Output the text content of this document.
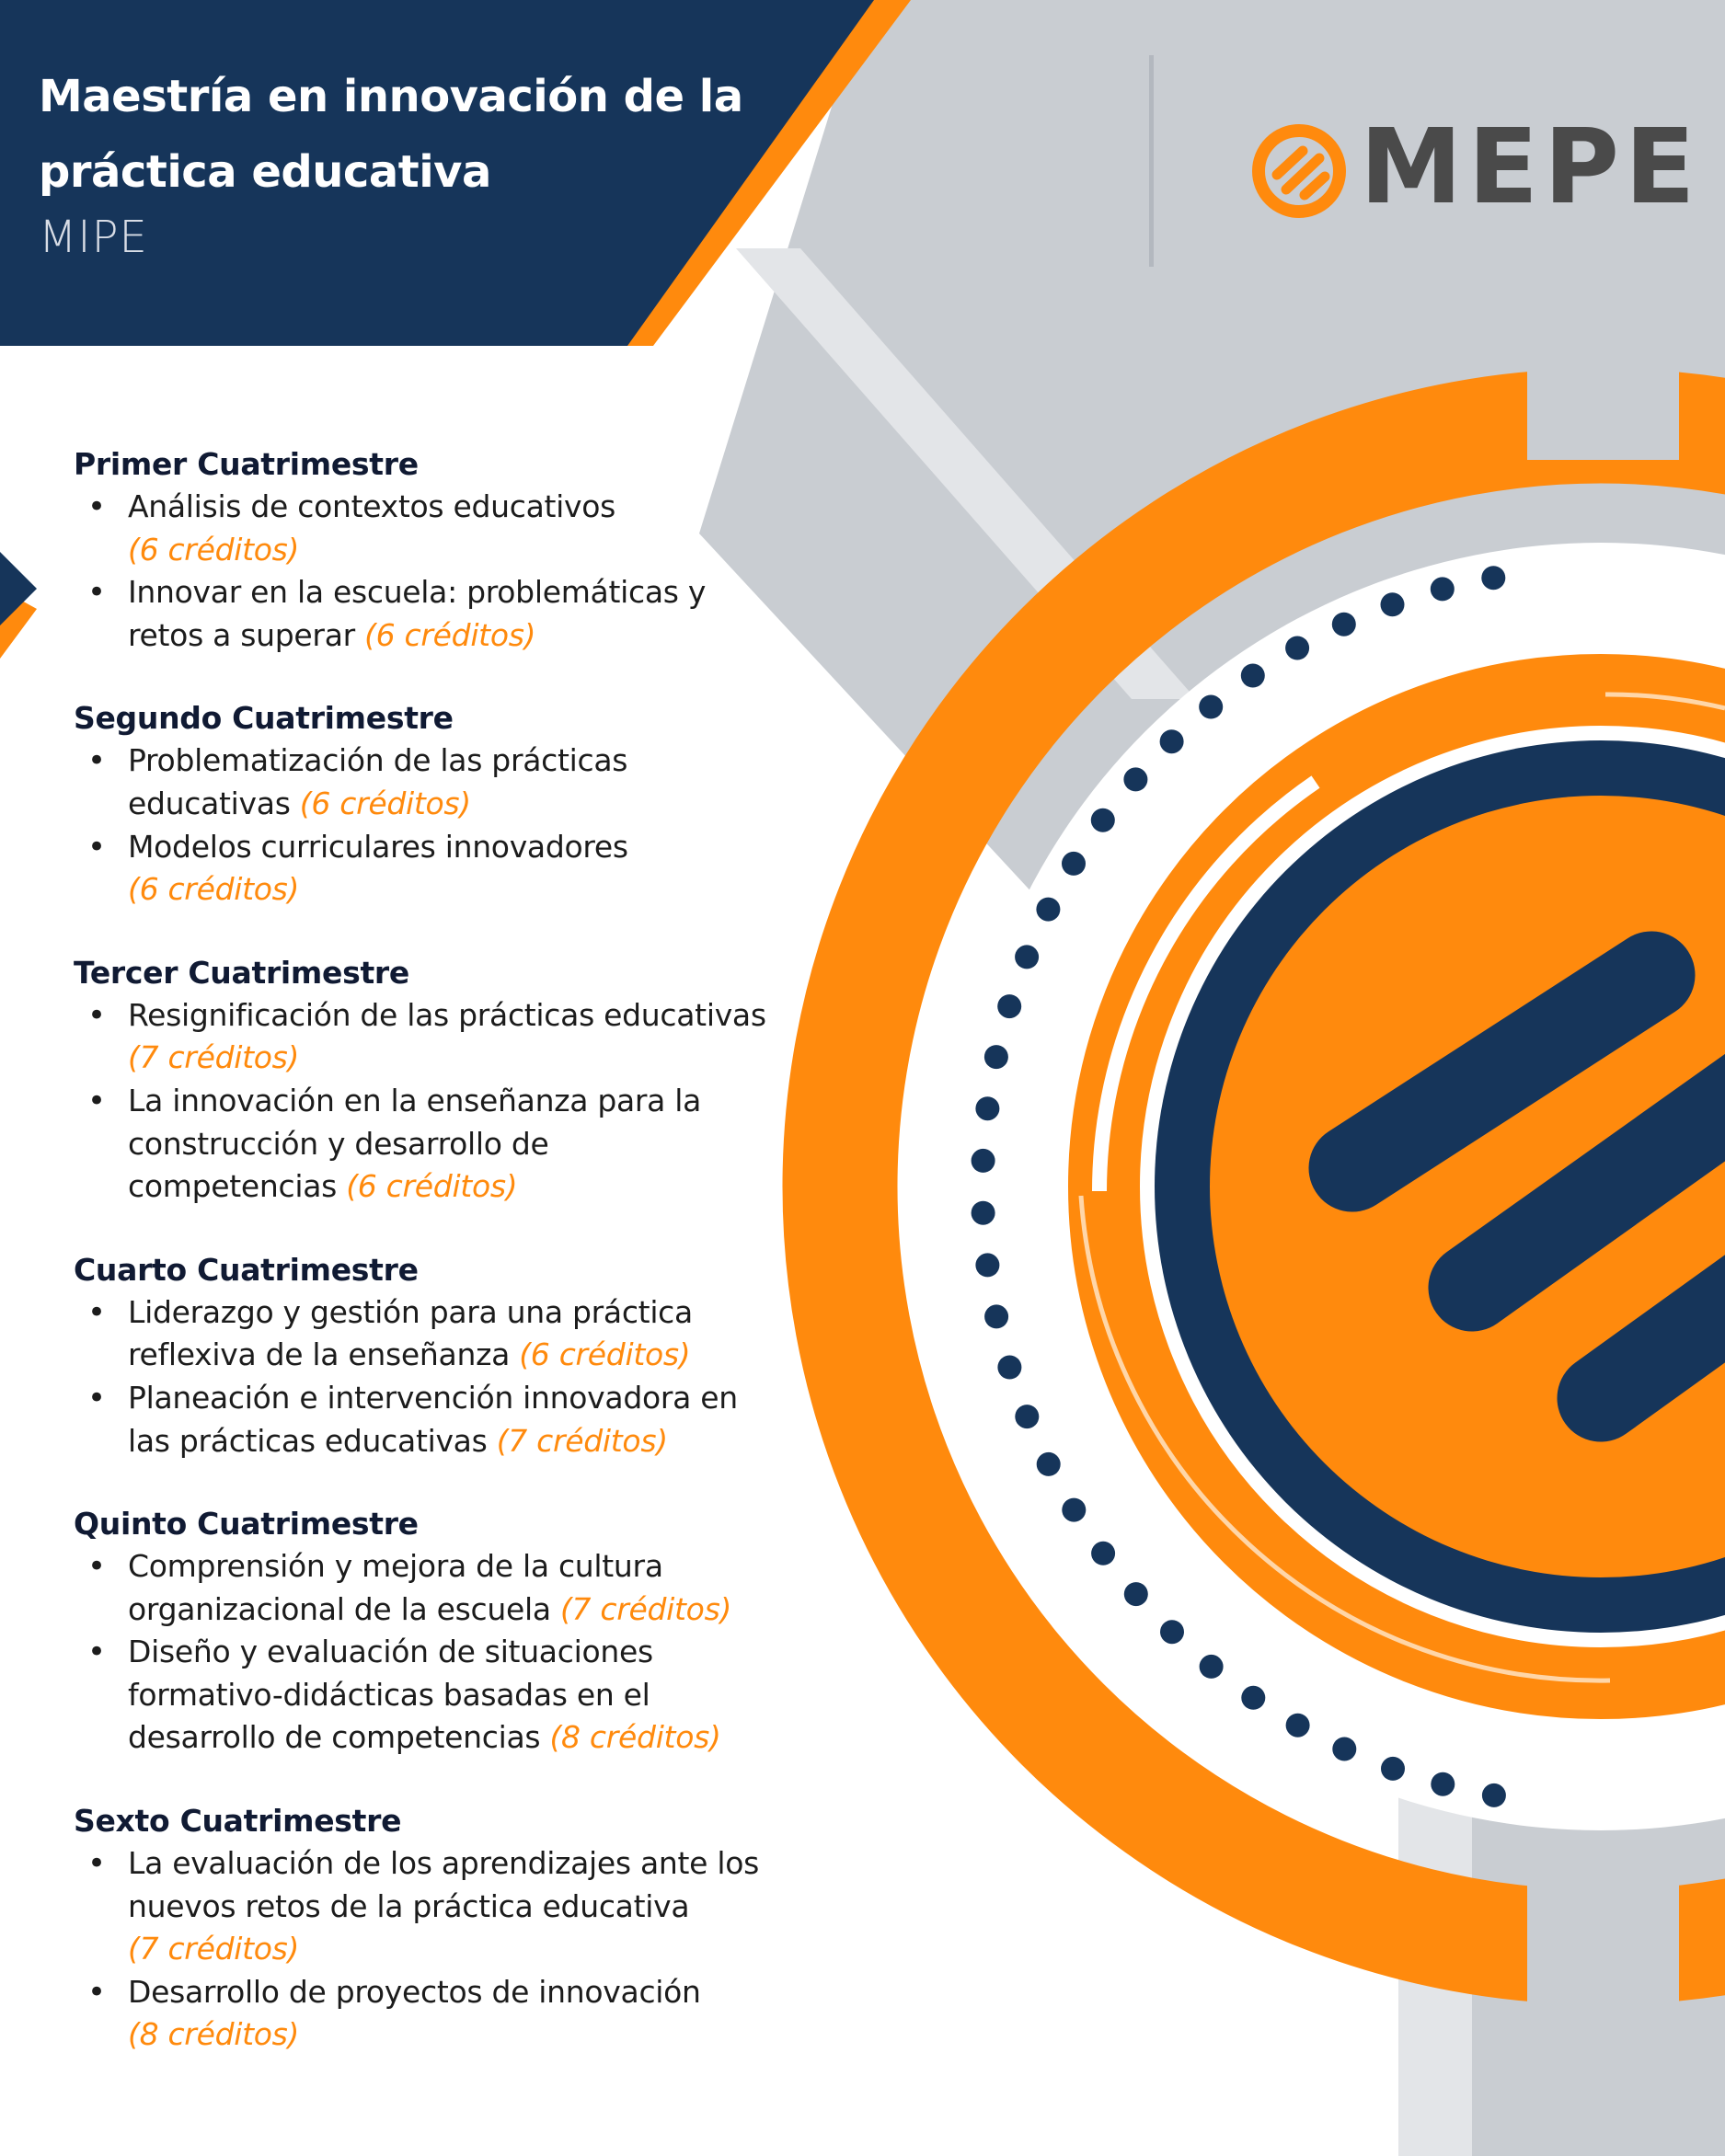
Maestría en innovación de la
práctica educativa
MIPE
MEPE
Primer Cuatrimestre
• Análisis de contextos educativos
(6 créditos)
• Innovar en la escuela: problemáticas y
retos a superar (6 créditos)
Segundo Cuatrimestre
• Problematización de las prácticas
educativas (6 créditos)
• Modelos curriculares innovadores
(6 créditos)
Tercer Cuatrimestre
• Resignificación de las prácticas educativas
(7 créditos)
• La innovación en la enseñanza para la
construcción y desarrollo de
competencias (6 créditos)
Cuarto Cuatrimestre
• Liderazgo y gestión para una práctica
reflexiva de la enseñanza (6 créditos)
• Planeación e intervención innovadora en
las prácticas educativas (7 créditos)
Quinto Cuatrimestre
• Comprensión y mejora de la cultura
organizacional de la escuela (7 créditos)
• Diseño y evaluación de situaciones
formativo-didácticas basadas en el
desarrollo de competencias (8 créditos)
Sexto Cuatrimestre
• La evaluación de los aprendizajes ante los
nuevos retos de la práctica educativa
(7 créditos)
• Desarrollo de proyectos de innovación
(8 créditos)
